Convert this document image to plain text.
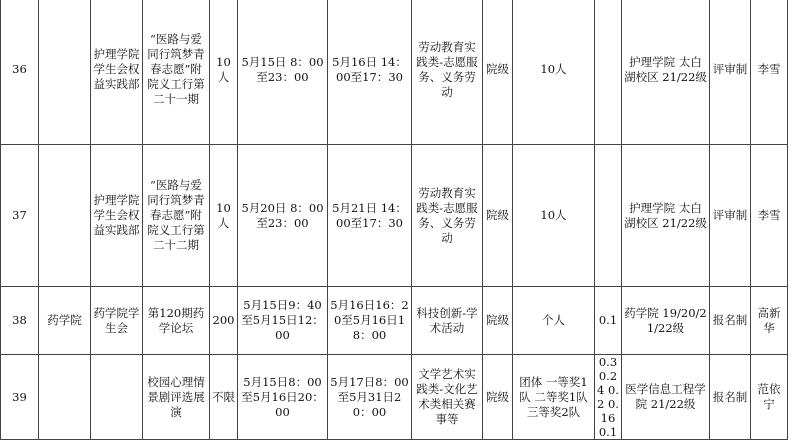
36		护理学院学生会权益实践部	“医路与爱同行筑梦青春志愿”附院义工行第二十一期	10人	5月15日 8：00至23：00	5月16日 14：00至17：30	劳动教育实践类-志愿服务、义务劳动	院级	10人		护理学院 太白湖校区 21/22级	评审制	李雪
37		护理学院学生会权益实践部	“医路与爱同行筑梦青春志愿”附院义工行第二十二期	10人	5月20日 8：00至23：00	5月21日 14：00至17：30	劳动教育实践类-志愿服务、义务劳动	院级	10人		护理学院 太白湖校区 21/22级	评审制	李雪
38	药学院	药学院学生会	第120期药学论坛	200	5月15日9：40至5月15日12：00	5月16日16：20至5月16日18：00	科技创新-学术活动	院级	个人	0.1	药学院 19/20/21/22级	报名制	高新华
39			校园心理情景剧评选展演	不限	5月15日8：00至5月16日20：00	5月17日8：00至5月31日20：00	文学艺术实践类-文化艺术类相关赛事等	院级	团体 一等奖1队 二等奖1队 三等奖2队	0.3 0.24 0.2 0.16 0.1	医学信息工程学院 21/22级	报名制	范依宁
